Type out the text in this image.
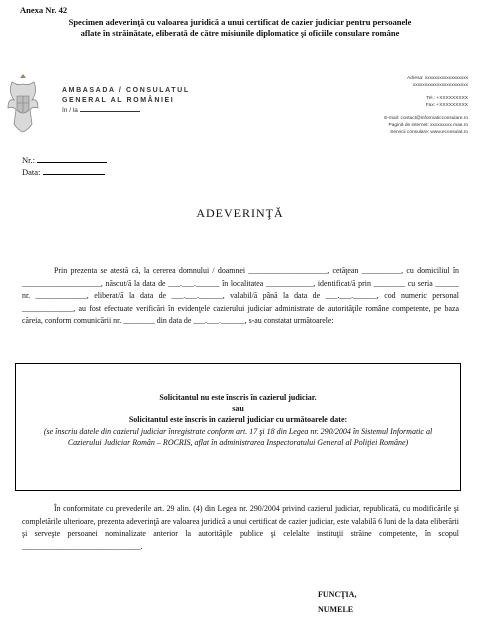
Anexa Nr. 42
Specimen adeverinţă cu valoarea juridică a unui certificat de cazier judiciar pentru persoanele
aflate în străinătate, eliberată de către misiunile diplomatice şi oficiile consulare române
AMBASADA / CONSULATUL
GENERAL AL ROMÂNIEI
în / la
Adresa: xxxxxxxxxxxxxxxxxx
xxxxxxxxxxxxxxxxxxxxxxx
Tel.: +XXXXXXXXX
Fax: +XXXXXXXXX
E-mail: contact@informaticconsulare.ro
Pagină de internet: xxxxxxxxx.mae.ro
Servicii consulare: www.econsulat.ro
Nr.:
Data:
ADEVERINŢĂ
Prin prezenta se atestă că, la cererea domnului / doamnei ____________________, cetăţean __________, cu domiciliul în ____________________, născut/ă la data de ___.___.______ în localitatea ____________, identificat/ă prin ________ cu seria ______ nr. _____________, eliberat/ă la data de ___.___.______, valabil/ă până la data de ___.___.______, cod numeric personal _____________, au fost efectuate verificări în evidenţele cazierului judiciar administrate de autorităţile române competente, pe baza căreia, conform comunicării nr. ________ din data de ___.___.______, s-au constatat următoarele:
Solicitantul nu este înscris în cazierul judiciar.
sau
Solicitantul este înscris în cazierul judiciar cu următoarele date:
(se înscriu datele din cazierul judiciar înregistrate conform art. 17 şi 18 din Legea nr. 290/2004 în Sistemul Informatic al Cazierului Judiciar Român – ROCRIS, aflat în administrarea Inspectoratului General al Poliţiei Române)
În conformitate cu prevederile art. 29 alin. (4) din Legea nr. 290/2004 privind cazierul judiciar, republicată, cu modificările şi completările ulterioare, prezenta adeverinţă are valoarea juridică a unui certificat de cazier judiciar, este valabilă 6 luni de la data eliberării şi serveşte persoanei nominalizate anterior la autorităţile publice şi celelalte instituţii străine competente, în scopul ______________________________.
FUNCŢIA,
NUMELE
